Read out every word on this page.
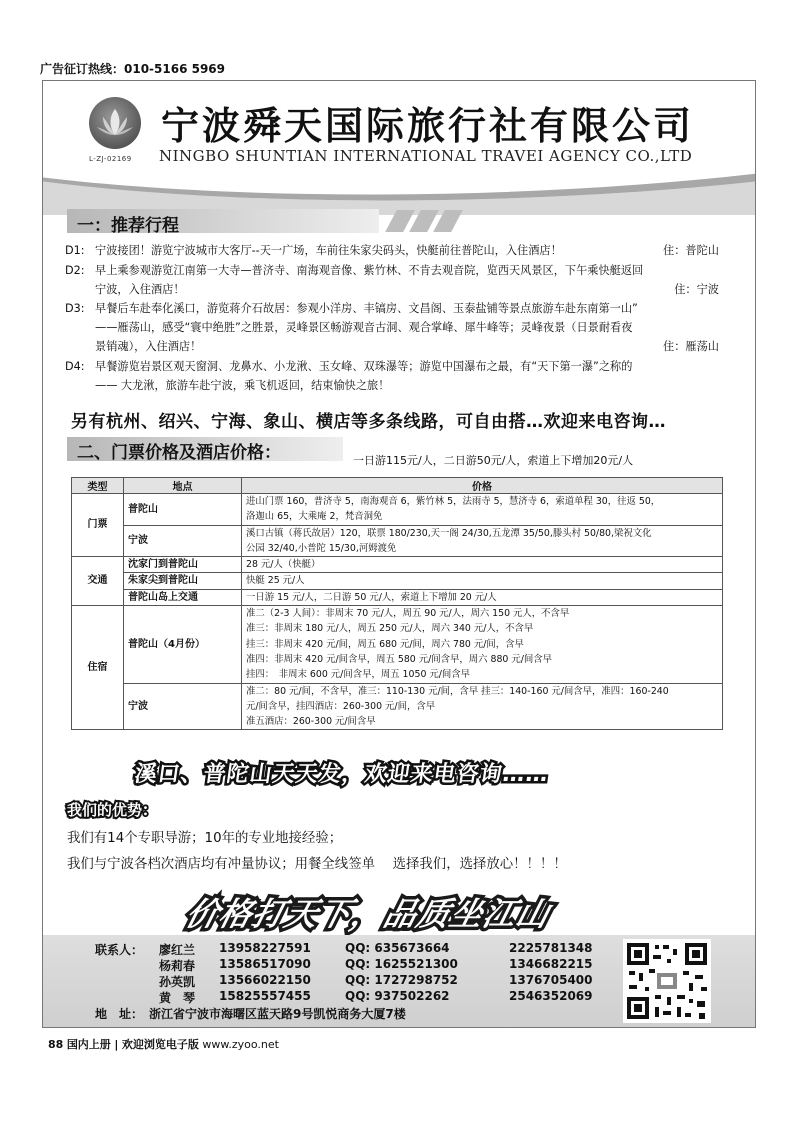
广告征订热线：010-5166 5969
L-ZJ-02169
宁波舜天国际旅行社有限公司
NINGBO SHUNTIAN INTERNATIONAL TRAVEI AGENCY CO.,LTD
一：推荐行程
D1: 宁波接团！游览宁波城市大客厅--天一广场，车前往朱家尖码头，快艇前往普陀山，入住酒店！	住：普陀山
D2: 早上乘参观游览江南第一大寺—普济寺、南海观音像、紫竹林、不肯去观音院，览西天风景区，下午乘快艇返回
宁波，入住酒店！	住：宁波
D3: 早餐后车赴奉化溪口，游览蒋介石故居：参观小洋房、丰镐房、文昌阁、玉泰盐铺等景点旅游车赴东南第一山”
——雁荡山，感受“寰中绝胜”之胜景，灵峰景区畅游观音古洞、观合掌峰、犀牛峰等；灵峰夜景（日景耐看夜
景销魂），入住酒店！	住：雁荡山
D4: 早餐游览岩景区观天窗洞、龙鼻水、小龙湫、玉女峰、双珠瀑等；游览中国瀑布之最，有“天下第一瀑”之称的
—— 大龙湫，旅游车赴宁波，乘飞机返回，结束愉快之旅！
另有杭州、绍兴、宁海、象山、横店等多条线路，可自由搭…欢迎来电咨询…
二、门票价格及酒店价格：	一日游115元/人，二日游50元/人，索道上下增加20元/人
类型	地点	价格
门票	普陀山	进山门票 160，普济寺 5，南海观音 6，紫竹林 5，法雨寺 5，慧济寺 6，索道单程 30，往返 50，
洛迦山 65，大乘庵 2，梵音洞免

	宁波	溪口古镇（蒋氏故居）120，联票 180/230,天一阁 24/30,五龙潭 35/50,滕头村 50/80,梁祝文化
公园 32/40,小普陀 15/30,河姆渡免

交通	沈家门到普陀山	28 元/人（快艇）
	朱家尖到普陀山	快艇 25 元/人
	普陀山岛上交通	一日游 15 元/人，二日游 50 元/人，索道上下增加 20 元/人
住宿	普陀山（4月份）	准二（2-3 人间）：非周末 70 元/人，周五 90 元/人，周六 150 元人，不含早
准三：非周末 180 元/人，周五 250 元/人，周六 340 元/人，不含早
挂三：非周末 420 元/间，周五 680 元/间，周六 780 元/间，含早
准四：非周末 420 元/间含早，周五 580 元/间含早，周六 880 元/间含早
挂四：　非周末 600 元/间含早，周五 1050 元/间含早

	宁波	准二：80 元/间，不含早，准三：110-130 元/间，含早 挂三：140-160 元/间含早，准四：160-240
元/间含早，挂四酒店：260-300 元/间，含早
准五酒店：260-300 元/间含早
溪口、普陀山天天发，欢迎来电咨询……
我们的优势：
我们有14个专职导游；10年的专业地接经验；
我们与宁波各档次酒店均有冲量协议；用餐全线签单　 选择我们，选择放心！！！！
价格打天下，品质坐江山
联系人： 廖红兰 13958227591	QQ: 635673664	2225781348
杨莉春 13586517090	QQ: 1625521300	1346682215
孙英凯 13566022150	QQ: 1727298752	1376705400
黄　琴 15825557455	QQ: 937502262	2546352069
地　址： 浙江省宁波市海曙区蓝天路9号凯悦商务大厦7楼
88 国内上册 | 欢迎浏览电子版 www.zyoo.net
